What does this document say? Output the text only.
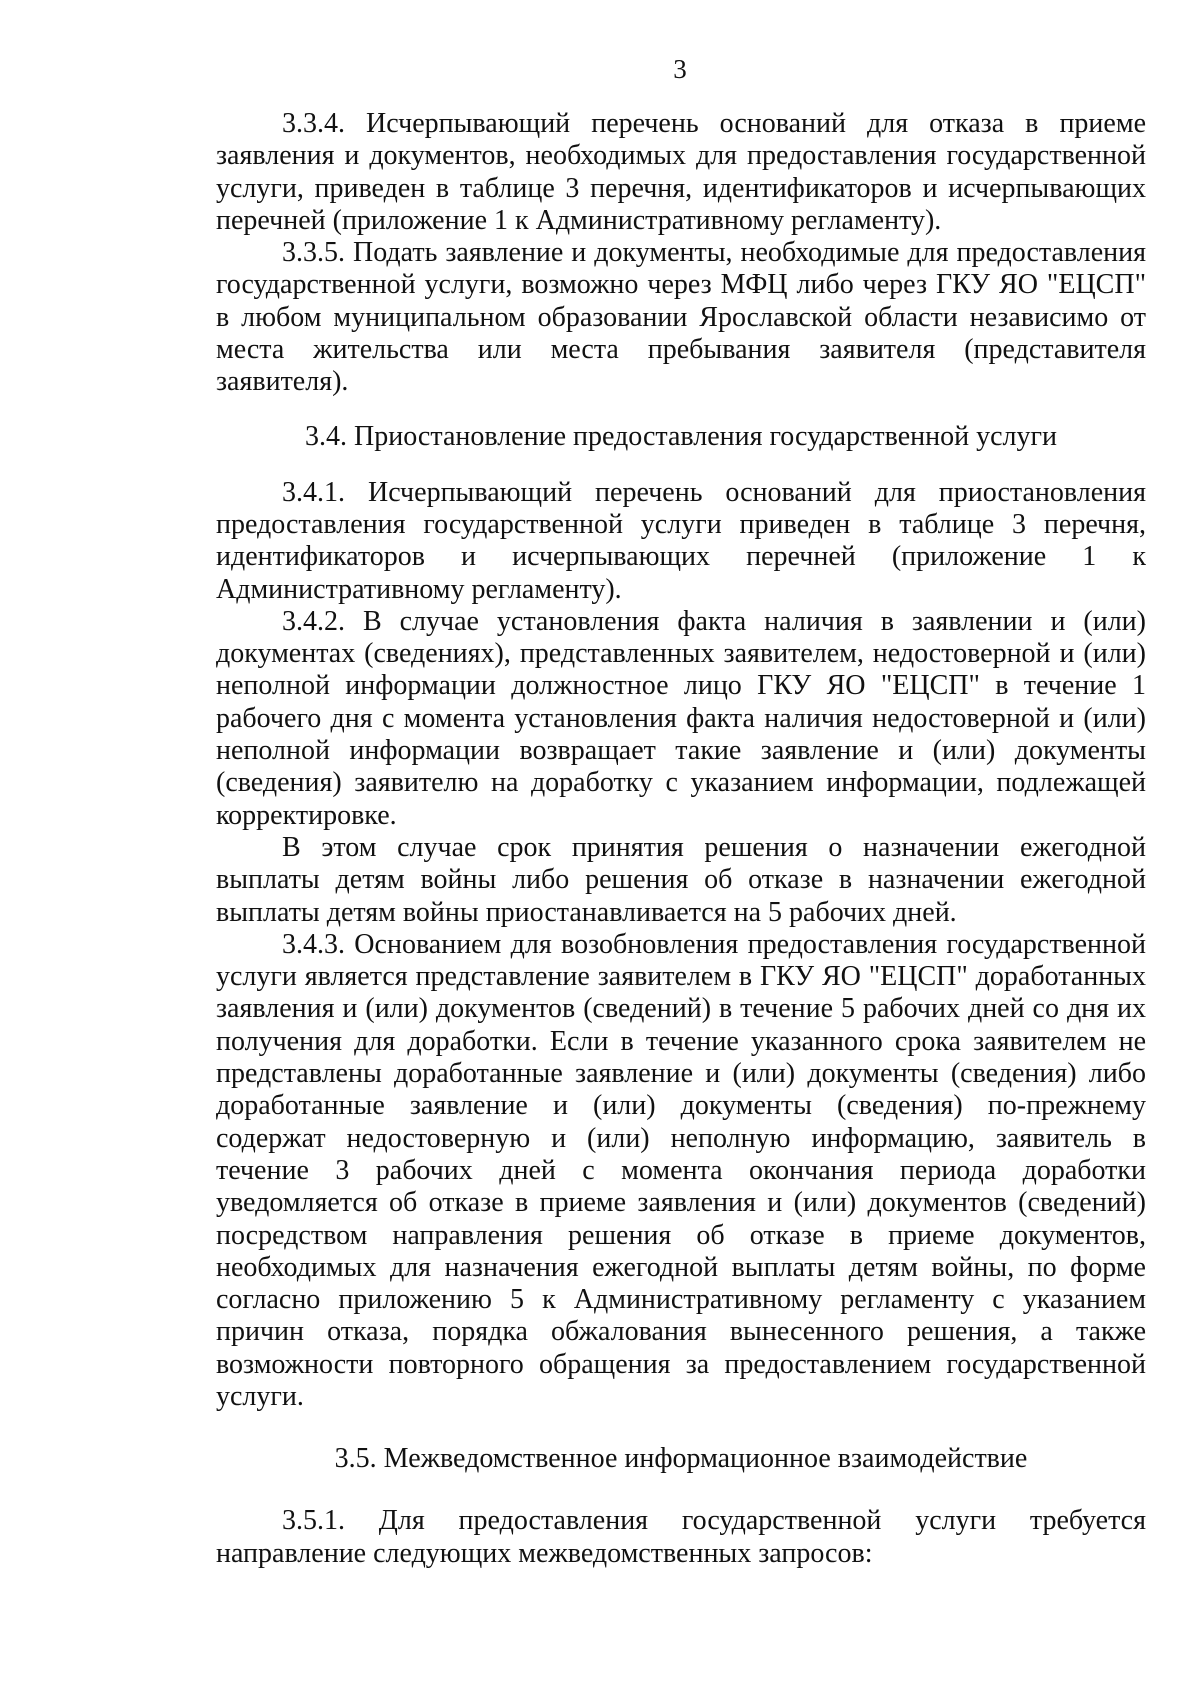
3

3.3.4. Исчерпывающий перечень оснований для отказа в приеме заявления и документов, необходимых для предоставления государственной услуги, приведен в таблице 3 перечня, идентификаторов и исчерпывающих перечней (приложение 1 к Административному регламенту).

3.3.5. Подать заявление и документы, необходимые для предоставления государственной услуги, возможно через МФЦ либо через ГКУ ЯО "ЕЦСП" в любом муниципальном образовании Ярославской области независимо от места жительства или места пребывания заявителя (представителя заявителя).

3.4. Приостановление предоставления государственной услуги

3.4.1. Исчерпывающий перечень оснований для приостановления предоставления государственной услуги приведен в таблице 3 перечня, идентификаторов и исчерпывающих перечней (приложение 1 к Административному регламенту).

3.4.2. В случае установления факта наличия в заявлении и (или) документах (сведениях), представленных заявителем, недостоверной и (или) неполной информации должностное лицо ГКУ ЯО "ЕЦСП" в течение 1 рабочего дня с момента установления факта наличия недостоверной и (или) неполной информации возвращает такие заявление и (или) документы (сведения) заявителю на доработку с указанием информации, подлежащей корректировке.

В этом случае срок принятия решения о назначении ежегодной выплаты детям войны либо решения об отказе в назначении ежегодной выплаты детям войны приостанавливается на 5 рабочих дней.

3.4.3. Основанием для возобновления предоставления государственной услуги является представление заявителем в ГКУ ЯО "ЕЦСП" доработанных заявления и (или) документов (сведений) в течение 5 рабочих дней со дня их получения для доработки. Если в течение указанного срока заявителем не представлены доработанные заявление и (или) документы (сведения) либо доработанные заявление и (или) документы (сведения) по-прежнему содержат недостоверную и (или) неполную информацию, заявитель в течение 3 рабочих дней с момента окончания периода доработки уведомляется об отказе в приеме заявления и (или) документов (сведений) посредством направления решения об отказе в приеме документов, необходимых для назначения ежегодной выплаты детям войны, по форме согласно приложению 5 к Административному регламенту с указанием причин отказа, порядка обжалования вынесенного решения, а также возможности повторного обращения за предоставлением государственной услуги.

3.5. Межведомственное информационное взаимодействие

3.5.1. Для предоставления государственной услуги требуется направление следующих межведомственных запросов:
